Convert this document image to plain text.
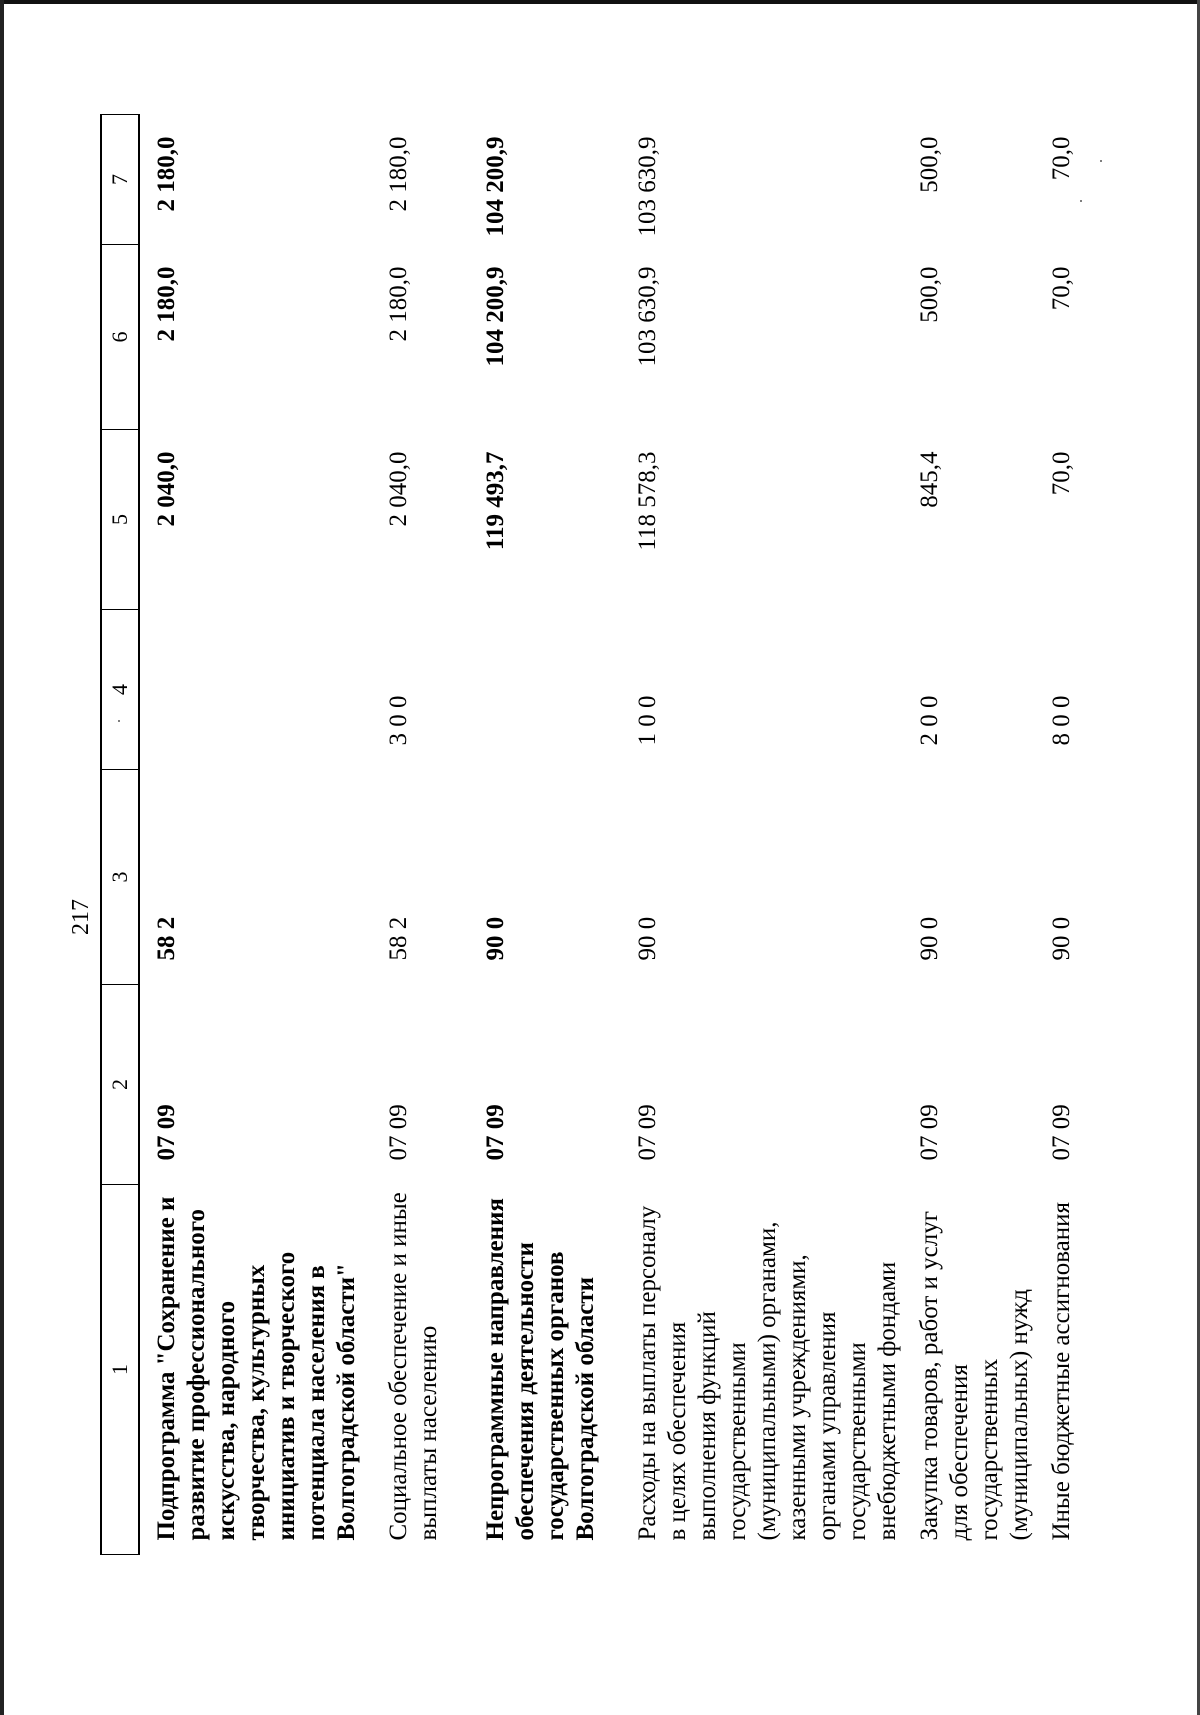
217
1	2	3	4	5	6	7
Подпрограмма "Сохранение и развитие профессионального искусства, народного творчества, культурных инициатив и творческого потенциала населения в Волгоградской области"	07 09	58 2		2 040,0	2 180,0	2 180,0
Социальное обеспечение и иные выплаты населению	07 09	58 2	3 0 0	2 040,0	2 180,0	2 180,0
Непрограммные направления обеспечения деятельности государственных органов Волгоградской области	07 09	90 0		119 493,7	104 200,9	104 200,9
Расходы на выплаты персоналу в целях обеспечения выполнения функций государственными (муниципальными) органами, казенными учреждениями, органами управления государственными внебюджетными фондами	07 09	90 0	1 0 0	118 578,3	103 630,9	103 630,9
Закупка товаров, работ и услуг для обеспечения государственных (муниципальных) нужд	07 09	90 0	2 0 0	845,4	500,0	500,0
Иные бюджетные ассигнования	07 09	90 0	8 0 0	70,0	70,0	70,0
